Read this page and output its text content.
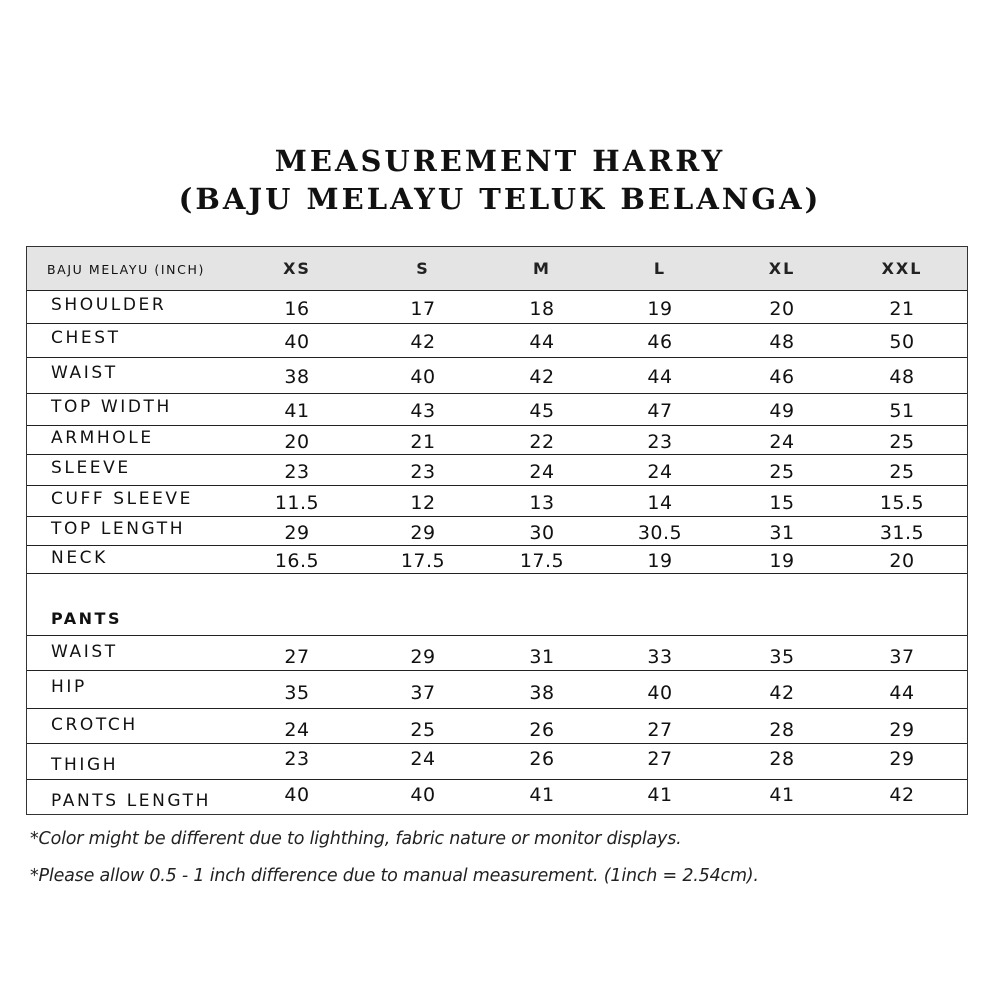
MEASUREMENT HARRY
(BAJU MELAYU TELUK BELANGA)
BAJU MELAYU (INCH)	XS	S	M	L	XL	XXL
SHOULDER	16	17	18	19	20	21
CHEST	40	42	44	46	48	50
WAIST	38	40	42	44	46	48
TOP WIDTH	41	43	45	47	49	51
ARMHOLE	20	21	22	23	24	25
SLEEVE	23	23	24	24	25	25
CUFF SLEEVE	11.5	12	13	14	15	15.5
TOP LENGTH	29	29	30	30.5	31	31.5
NECK	16.5	17.5	17.5	19	19	20
PANTS
WAIST	27	29	31	33	35	37
HIP	35	37	38	40	42	44
CROTCH	24	25	26	27	28	29
THIGH	23	24	26	27	28	29
PANTS LENGTH	40	40	41	41	41	42
*Color might be different due to lighthing, fabric nature or monitor displays.
*Please allow 0.5 - 1 inch difference due to manual measurement. (1inch = 2.54cm).
